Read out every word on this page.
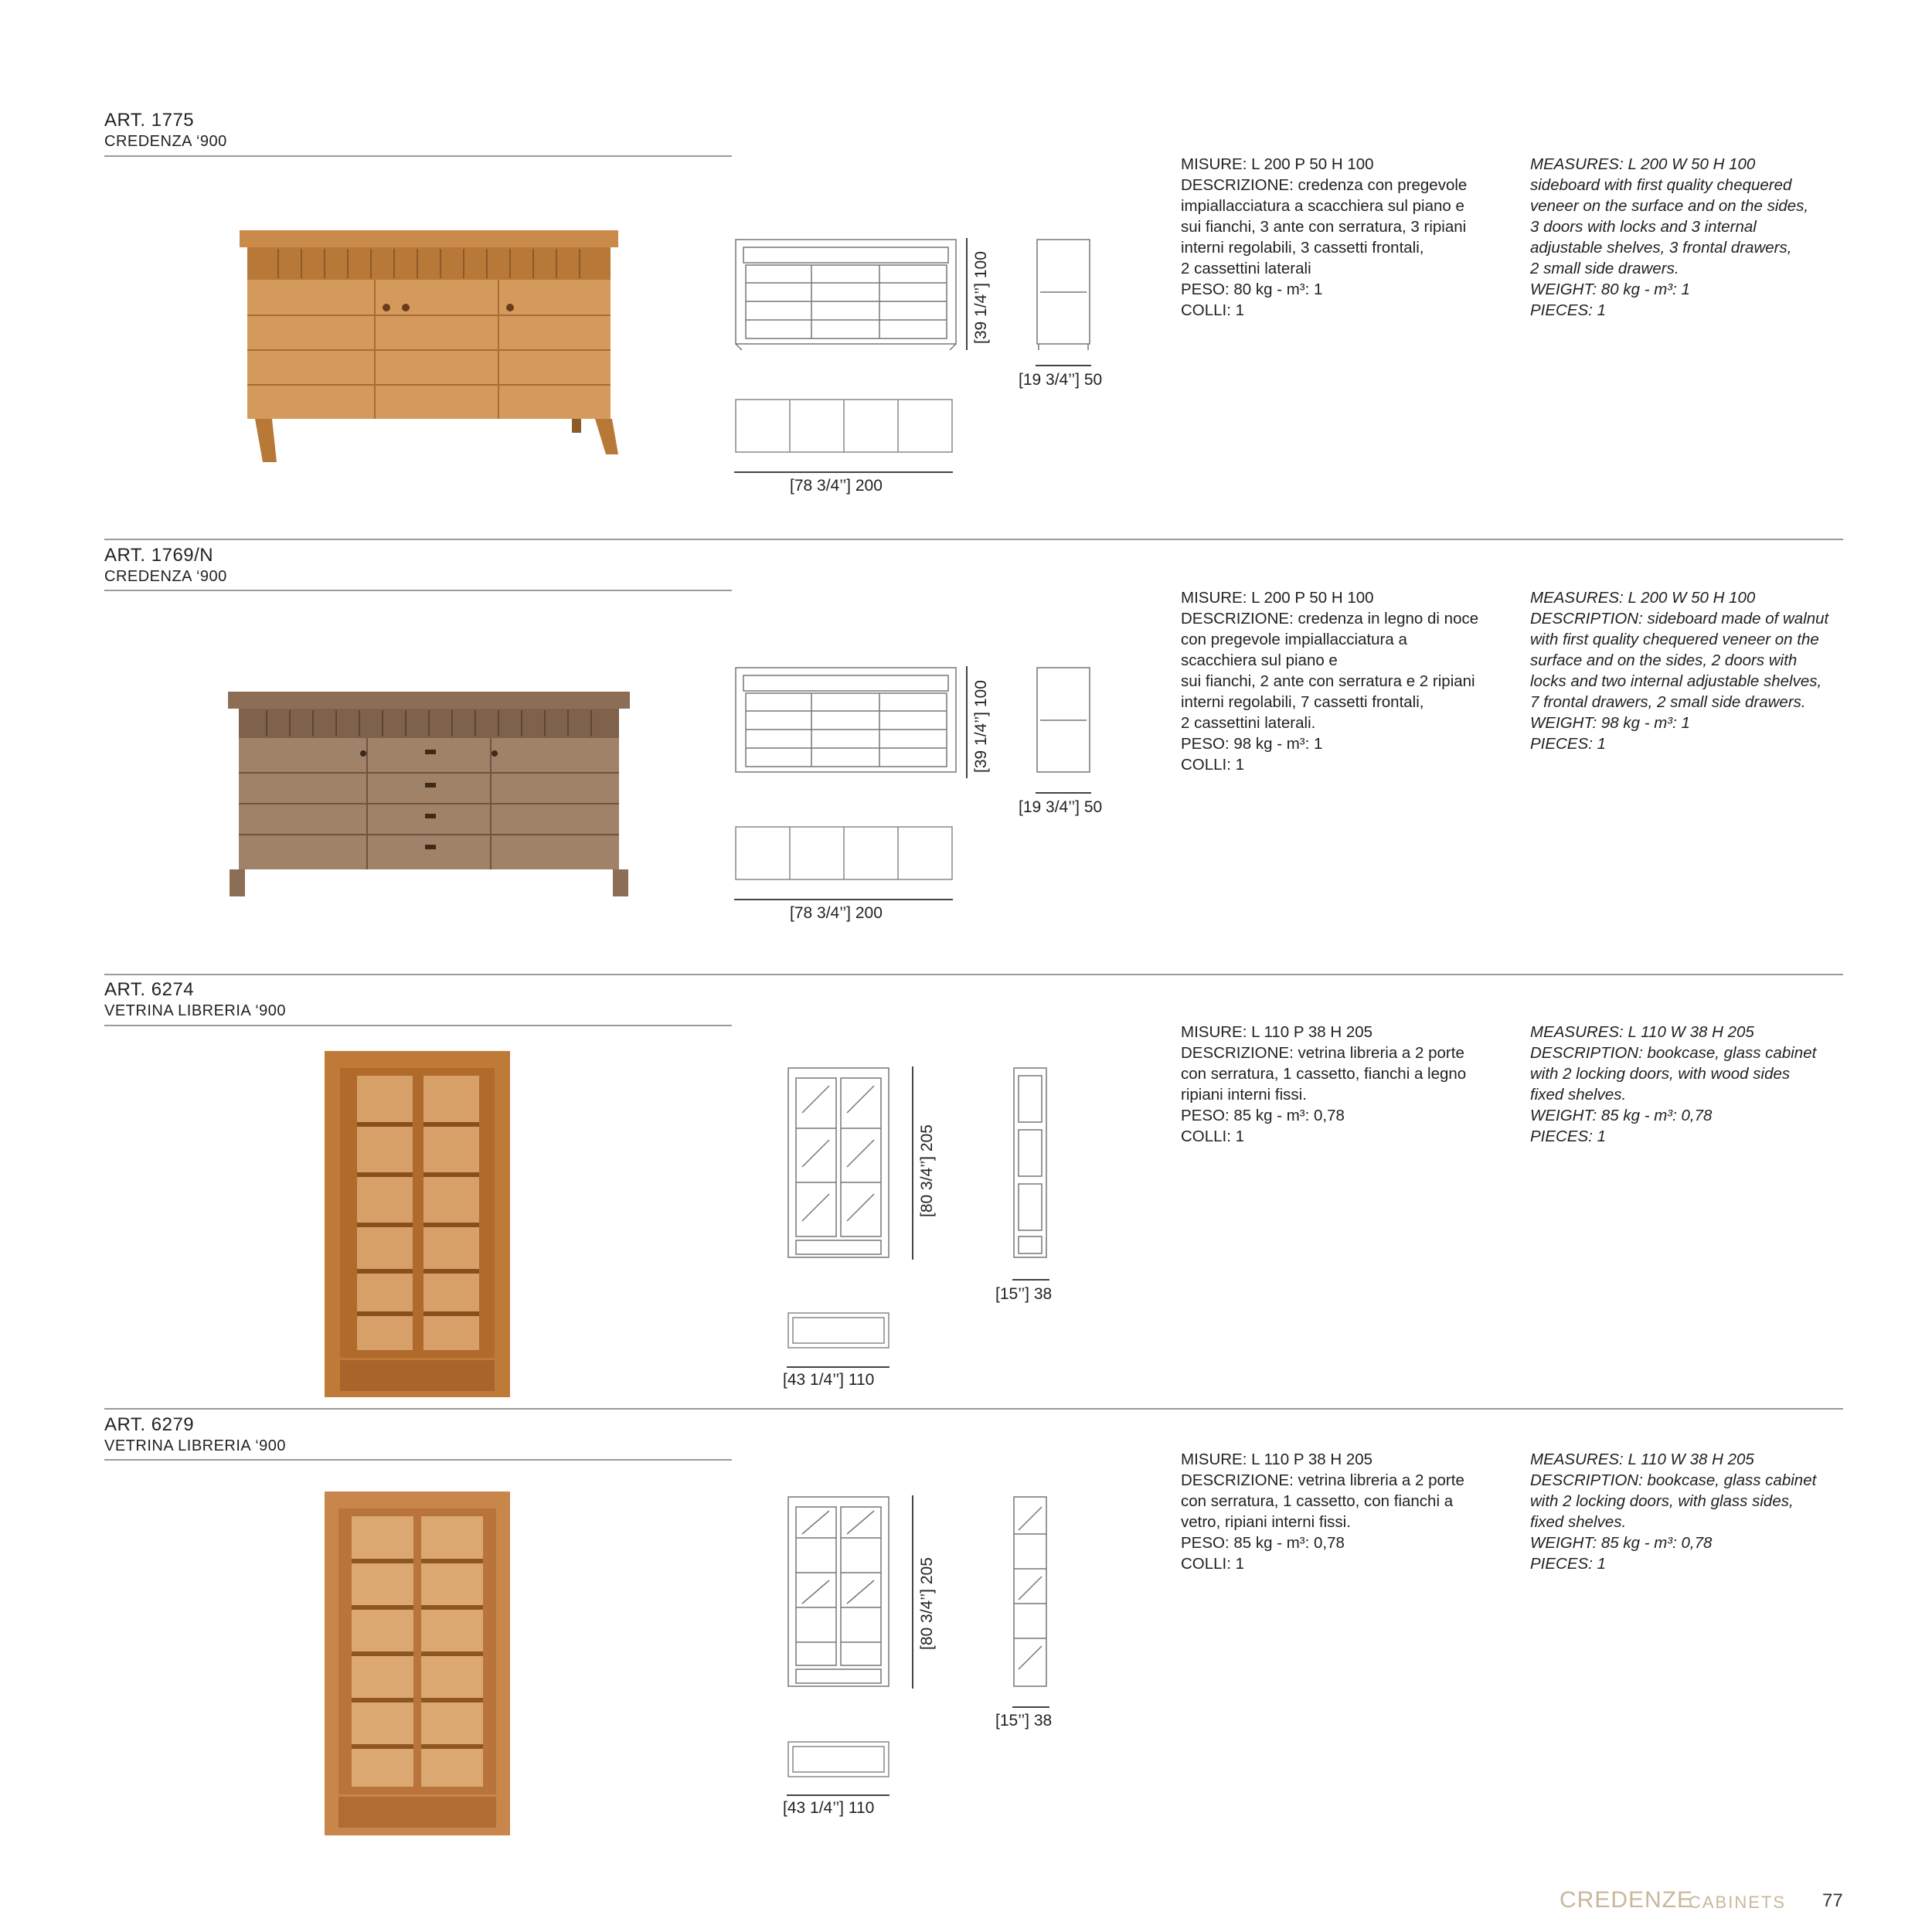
ART. 1775
CREDENZA ‘900
[39 1/4’’] 100
[19 3/4’’] 50
[78 3/4’’] 200
MISURE: L 200 P 50 H 100
DESCRIZIONE: credenza con pregevole
impiallacciatura a scacchiera sul piano e
sui fianchi, 3 ante con serratura, 3 ripiani
interni regolabili, 3 cassetti frontali,
2 cassettini laterali
PESO: 80 kg - m³: 1
COLLI: 1
MEASURES: L 200 W 50 H 100
sideboard with first quality chequered
veneer on the surface and on the sides,
3 doors with locks and 3 internal
adjustable shelves, 3 frontal drawers,
2 small side drawers.
WEIGHT: 80 kg - m³: 1
PIECES: 1
ART. 1769/N
CREDENZA ‘900
[39 1/4’’] 100
[19 3/4’’] 50
[78 3/4’’] 200
MISURE: L 200 P 50 H 100
DESCRIZIONE: credenza in legno di noce
con pregevole impiallacciatura a
scacchiera sul piano e
sui fianchi, 2 ante con serratura e 2 ripiani
interni regolabili, 7 cassetti frontali,
2 cassettini laterali.
PESO: 98 kg - m³: 1
COLLI: 1
MEASURES: L 200 W 50 H 100
DESCRIPTION: sideboard made of walnut
with first quality chequered veneer on the
surface and on the sides, 2 doors with
locks and two internal adjustable shelves,
7 frontal drawers, 2 small side drawers.
WEIGHT: 98 kg - m³: 1
PIECES: 1
ART. 6274
VETRINA LIBRERIA ‘900
[80 3/4’’] 205
[15’’] 38
[43 1/4’’] 110
MISURE: L 110 P 38 H 205
DESCRIZIONE: vetrina libreria a 2 porte
con serratura, 1 cassetto, fianchi a legno
ripiani interni fissi.
PESO: 85 kg - m³: 0,78
COLLI: 1
MEASURES: L 110 W 38 H 205
DESCRIPTION: bookcase, glass cabinet
with 2 locking doors, with wood sides
fixed shelves.
WEIGHT: 85 kg - m³: 0,78
PIECES: 1
ART. 6279
VETRINA LIBRERIA ‘900
[80 3/4’’] 205
[15’’] 38
[43 1/4’’] 110
MISURE: L 110 P 38 H 205
DESCRIZIONE: vetrina libreria a 2 porte
con serratura, 1 cassetto, con fianchi a
vetro, ripiani interni fissi.
PESO: 85 kg - m³: 0,78
COLLI: 1
MEASURES: L 110 W 38 H 205
DESCRIPTION: bookcase, glass cabinet
with 2 locking doors, with glass sides,
fixed shelves.
WEIGHT: 85 kg - m³: 0,78
PIECES: 1
CREDENZE
CABINETS 77
